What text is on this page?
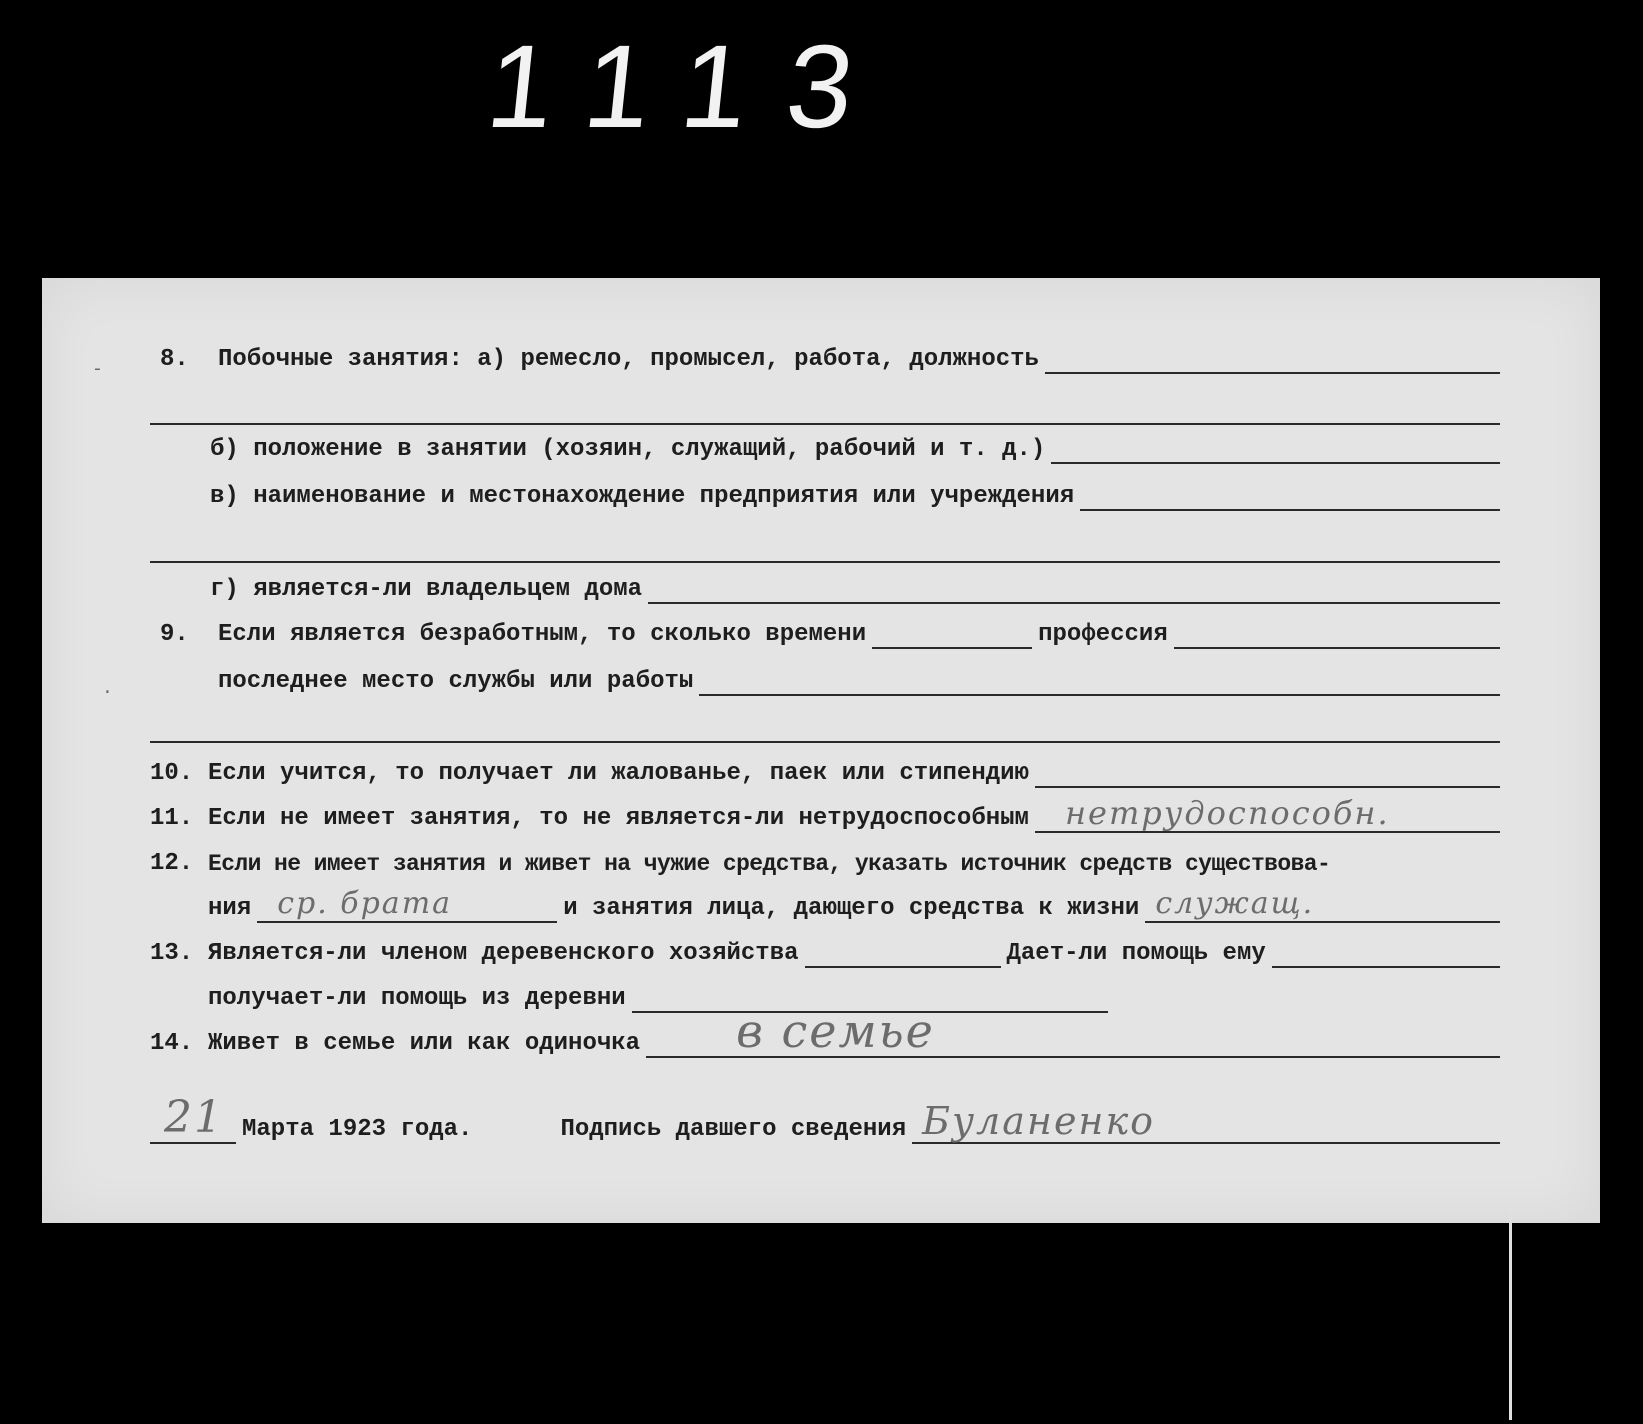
1113
8.	Побочные занятия: а) ремесло, промысел, работа, должность
б) положение в занятии (хозяин, служащий, рабочий и т. д.)
в) наименование и местонахождение предприятия или учреждения
г) является-ли владельцем дома
9.	Если является безработным, то сколько времени	профессия
последнее место службы или работы
10. Если учится, то получает ли жалованье, паек или стипендию
11. Если не имеет занятия, то не является-ли нетрудоспособным нетрудоспособн.
12. Если не имеет занятия и живет на чужие средства, указать источник средств существова-
ния ср. брата	и занятия лица, дающего средства к жизни служащ.
13. Является-ли членом деревенского хозяйства	Дает-ли помощь ему
получает-ли помощь из деревни
14. Живет в семье или как одиночка в семье
21 Марта 1923 года.	Подпись давшего сведения Буланенко
-
·
